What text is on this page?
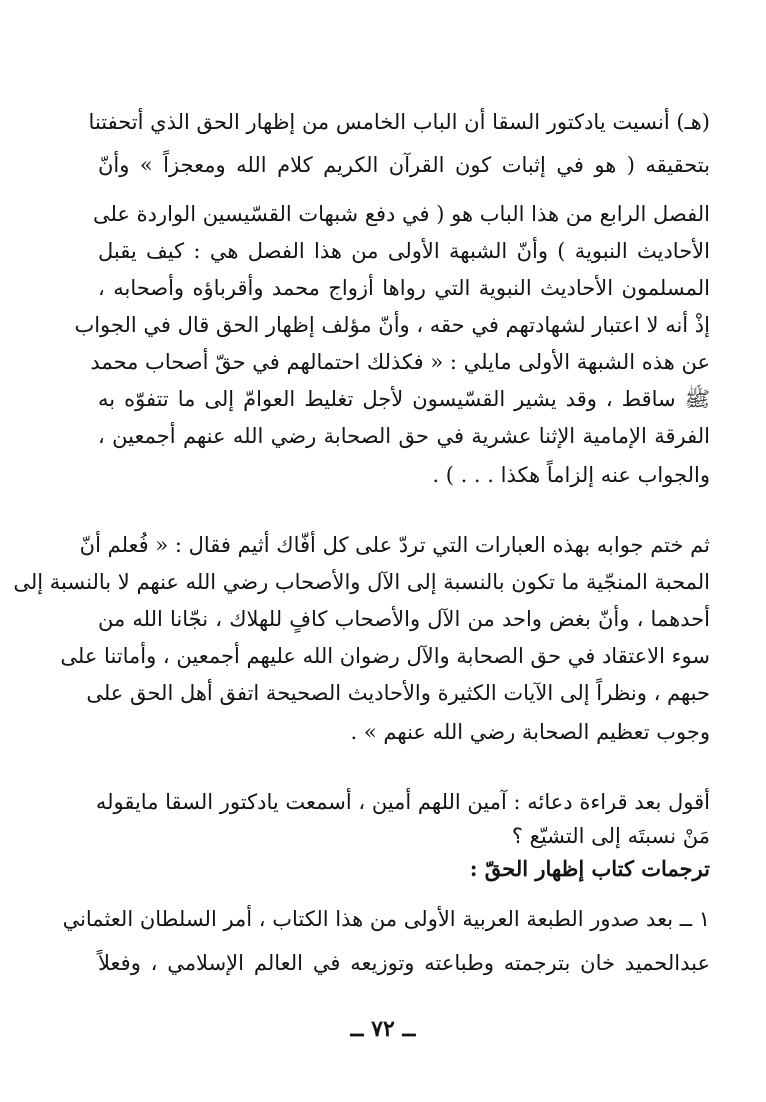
(هـ) أنسيت يادكتور السقا أن الباب الخامس من إظهار الحق الذي أتحفتنا
بتحقيقه ( هو في إثبات كون القرآن الكريم كلام الله ومعجزاً » وأنّ
الفصل الرابع من هذا الباب هو ( في دفع شبهات القسّيسين الواردة على
الأحاديث النبوية ) وأنّ الشبهة الأولى من هذا الفصل هي : كيف يقبل
المسلمون الأحاديث النبوية التي رواها أزواج محمد وأقرباؤه وأصحابه ،
إذْ أنه لا اعتبار لشهادتهم في حقه ، وأنّ مؤلف إظهار الحق قال في الجواب
عن هذه الشبهة الأولى مايلي : « فكذلك احتمالهم في حقّ أصحاب محمد
ﷺ ساقط ، وقد يشير القسّيسون لأجل تغليط العوامّ إلى ما تتفوّه به
الفرقة الإمامية الإثنا عشرية في حق الصحابة رضي الله عنهم أجمعين ،
والجواب عنه إلزاماً هكذا . . . ) .
ثم ختم جوابه بهذه العبارات التي تردّ على كل أفّاك أثيم فقال : « فُعلم أنّ
المحبة المنجّية ما تكون بالنسبة إلى الآل والأصحاب رضي الله عنهم لا بالنسبة إلى
أحدهما ، وأنّ بغض واحد من الآل والأصحاب كافٍ للهلاك ، نجّانا الله من
سوء الاعتقاد في حق الصحابة والآل رضوان الله عليهم أجمعين ، وأماتنا على
حبهم ، ونظراً إلى الآيات الكثيرة والأحاديث الصحيحة اتفق أهل الحق على
وجوب تعظيم الصحابة رضي الله عنهم » .
أقول بعد قراءة دعائه : آمين اللهم أمين ، أسمعت يادكتور السقا مايقوله
مَنْ نسبتَه إلى التشيّع ؟
ترجمات كتاب إظهار الحقّ :
١ ــ بعد صدور الطبعة العربية الأولى من هذا الكتاب ، أمر السلطان العثماني
عبدالحميد خان بترجمته وطباعته وتوزيعه في العالم الإسلامي ، وفعلاً
ــ ٧٢ ــ
